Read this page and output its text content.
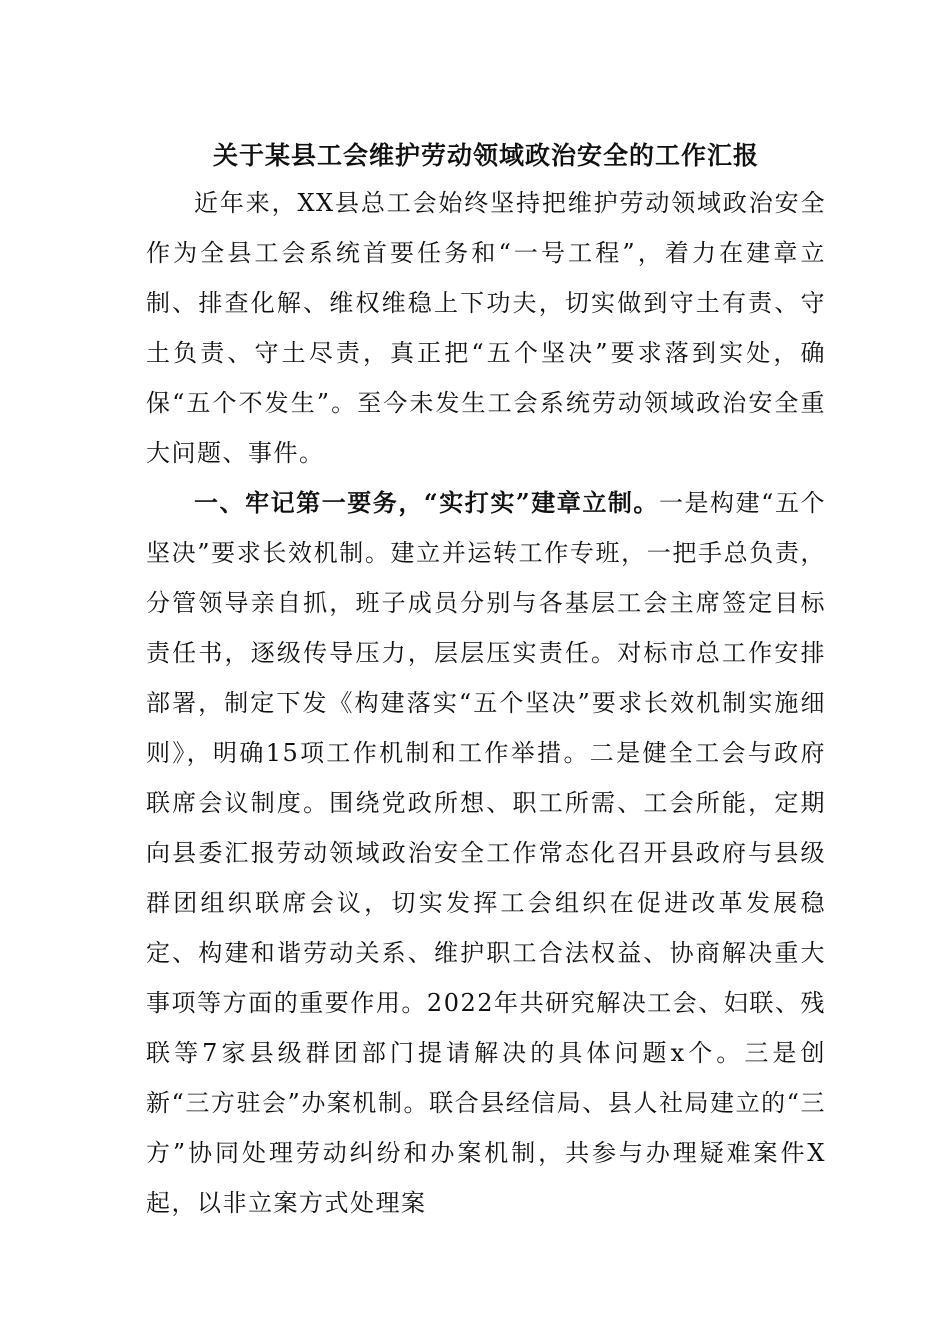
关于某县工会维护劳动领域政治安全的工作汇报

近年来，XX县总工会始终坚持把维护劳动领域政治安全作为全县工会系统首要任务和“一号工程”，着力在建章立制、排查化解、维权维稳上下功夫，切实做到守土有责、守土负责、守土尽责，真正把“五个坚决”要求落到实处，确保“五个不发生”。至今未发生工会系统劳动领域政治安全重大问题、事件。

一、牢记第一要务，“实打实”建章立制。一是构建“五个坚决”要求长效机制。建立并运转工作专班，一把手总负责，分管领导亲自抓，班子成员分别与各基层工会主席签定目标责任书，逐级传导压力，层层压实责任。对标市总工作安排部署，制定下发《构建落实“五个坚决”要求长效机制实施细则》，明确15项工作机制和工作举措。二是健全工会与政府联席会议制度。围绕党政所想、职工所需、工会所能，定期向县委汇报劳动领域政治安全工作常态化召开县政府与县级群团组织联席会议，切实发挥工会组织在促进改革发展稳定、构建和谐劳动关系、维护职工合法权益、协商解决重大事项等方面的重要作用。2022年共研究解决工会、妇联、残联等7家县级群团部门提请解决的具体问题x个。三是创新“三方驻会”办案机制。联合县经信局、县人社局建立的“三方”协同处理劳动纠纷和办案机制，共参与办理疑难案件X起，以非立案方式处理案
